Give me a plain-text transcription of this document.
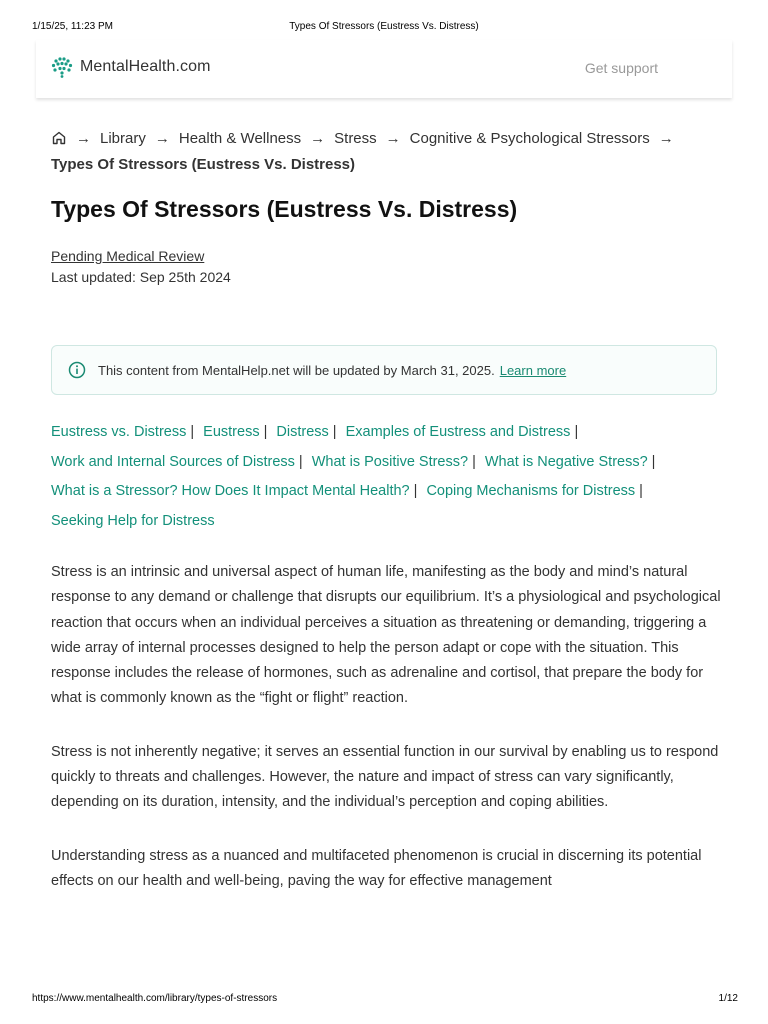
1/15/25, 11:23 PM	Types Of Stressors (Eustress Vs. Distress)
MentalHealth.com	Get support
→ Library → Health & Wellness → Stress → Cognitive & Psychological Stressors →
Types Of Stressors (Eustress Vs. Distress)
Types Of Stressors (Eustress Vs. Distress)
Pending Medical Review
Last updated: Sep 25th 2024
This content from MentalHelp.net will be updated by March 31, 2025. Learn more
Eustress vs. Distress | Eustress | Distress | Examples of Eustress and Distress |
Work and Internal Sources of Distress | What is Positive Stress? | What is Negative Stress? |
What is a Stressor? How Does It Impact Mental Health? | Coping Mechanisms for Distress |
Seeking Help for Distress

Stress is an intrinsic and universal aspect of human life, manifesting as the body and mind’s natural response to any demand or challenge that disrupts our equilibrium. It’s a physiological and psychological reaction that occurs when an individual perceives a situation as threatening or demanding, triggering a wide array of internal processes designed to help the person adapt or cope with the situation. This response includes the release of hormones, such as adrenaline and cortisol, that prepare the body for what is commonly known as the “fight or flight” reaction.

Stress is not inherently negative; it serves an essential function in our survival by enabling us to respond quickly to threats and challenges. However, the nature and impact of stress can vary significantly, depending on its duration, intensity, and the individual’s perception and coping abilities.

Understanding stress as a nuanced and multifaceted phenomenon is crucial in discerning its potential effects on our health and well-being, paving the way for effective management

https://www.mentalhealth.com/library/types-of-stressors	1/12
